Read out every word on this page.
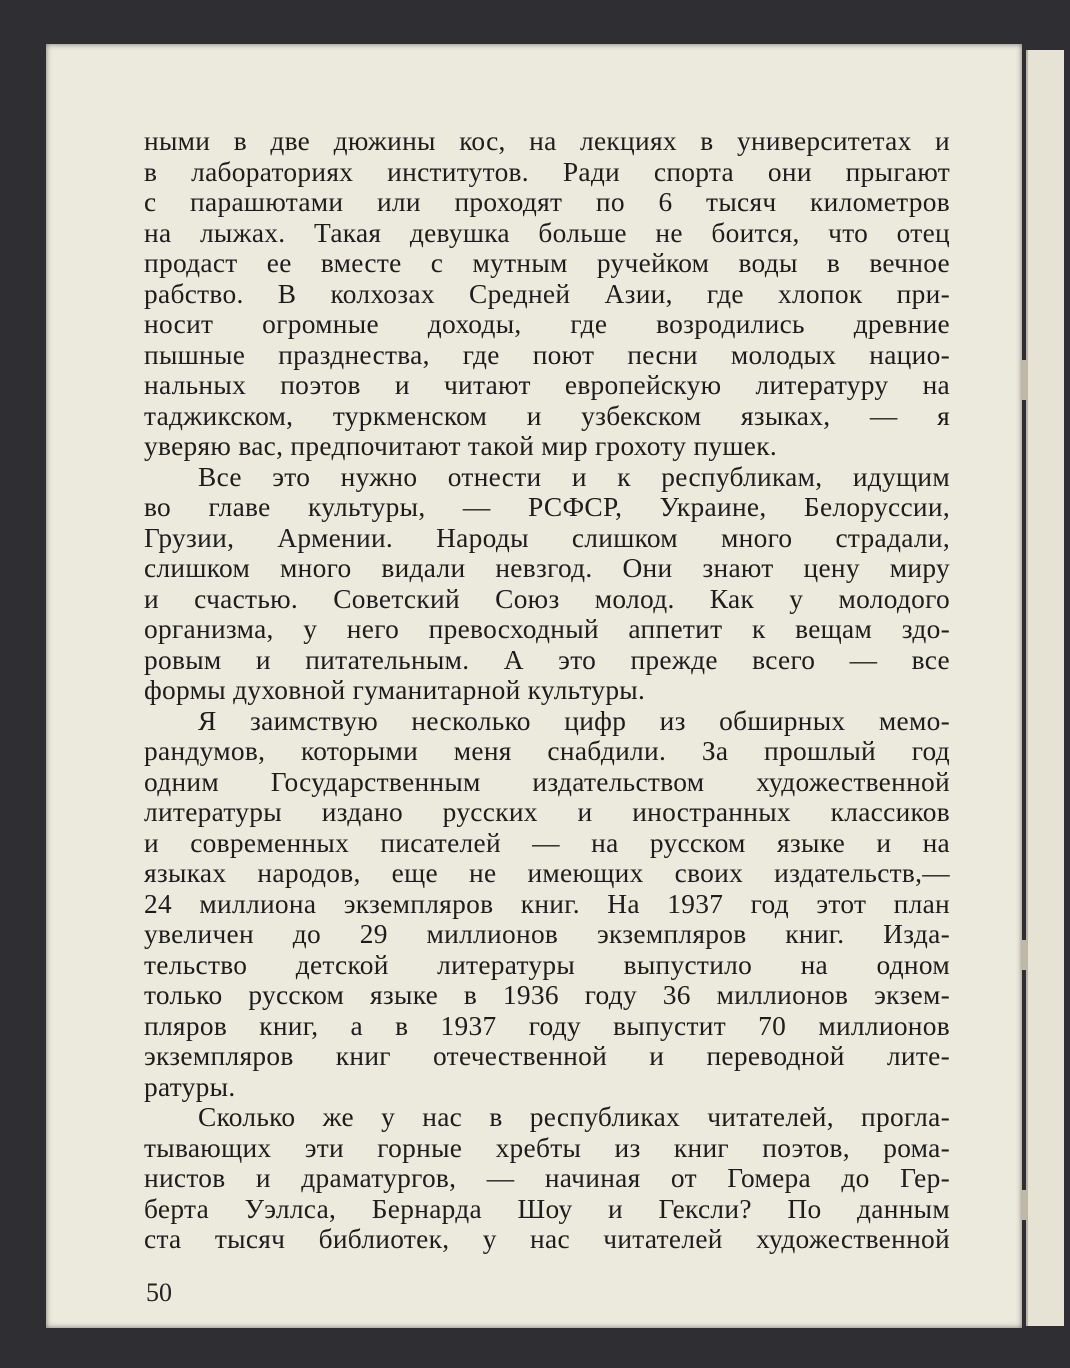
ными в две дюжины кос, на лекциях в университетах и
в лабораториях институтов. Ради спорта они прыгают
с парашютами или проходят по 6 тысяч километров
на лыжах. Такая девушка больше не боится, что отец
продаст ее вместе с мутным ручейком воды в вечное
рабство. В колхозах Средней Азии, где хлопок при-
носит огромные доходы, где возродились древние
пышные празднества, где поют песни молодых нацио-
нальных поэтов и читают европейскую литературу на
таджикском, туркменском и узбекском языках, — я
уверяю вас, предпочитают такой мир грохоту пушек.
Все это нужно отнести и к республикам, идущим
во главе культуры, — РСФСР, Украине, Белоруссии,
Грузии, Армении. Народы слишком много страдали,
слишком много видали невзгод. Они знают цену миру
и счастью. Советский Союз молод. Как у молодого
организма, у него превосходный аппетит к вещам здо-
ровым и питательным. А это прежде всего — все
формы духовной гуманитарной культуры.
Я заимствую несколько цифр из обширных мемо-
рандумов, которыми меня снабдили. За прошлый год
одним Государственным издательством художественной
литературы издано русских и иностранных классиков
и современных писателей — на русском языке и на
языках народов, еще не имеющих своих издательств,—
24 миллиона экземпляров книг. На 1937 год этот план
увеличен до 29 миллионов экземпляров книг. Изда-
тельство детской литературы выпустило на одном
только русском языке в 1936 году 36 миллионов экзем-
пляров книг, а в 1937 году выпустит 70 миллионов
экземпляров книг отечественной и переводной лите-
ратуры.
Сколько же у нас в республиках читателей, прогла-
тывающих эти горные хребты из книг поэтов, рома-
нистов и драматургов, — начиная от Гомера до Гер-
берта Уэллса, Бернарда Шоу и Гексли? По данным
ста тысяч библиотек, у нас читателей художественной
50
